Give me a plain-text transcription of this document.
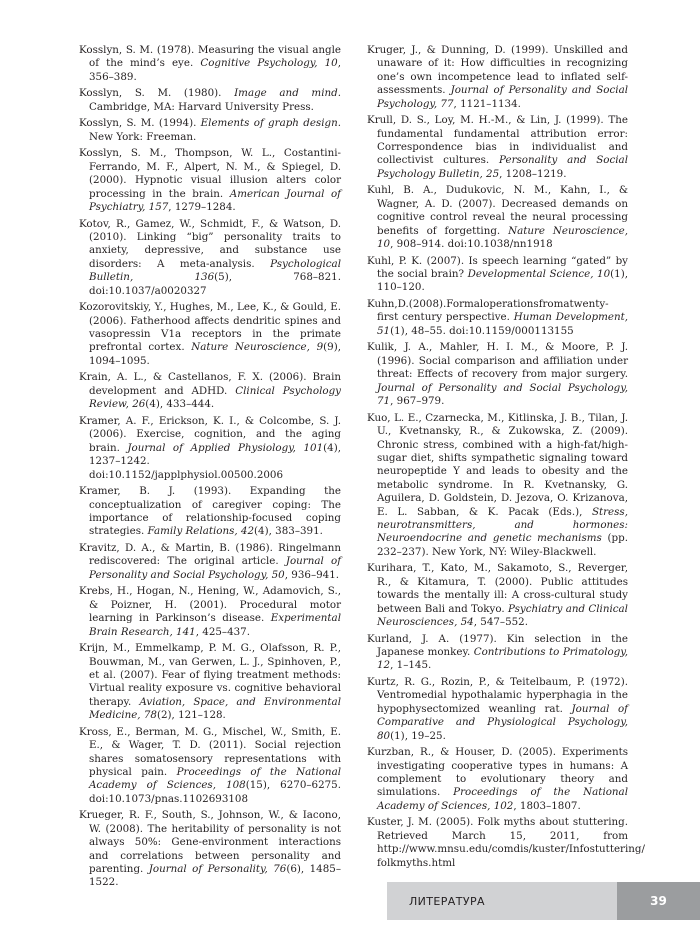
Kosslyn, S. M. (1978). Measuring the visual angle of the mind’s eye. Cognitive Psychology, 10, 356–389.

Kosslyn, S. M. (1980). Image and mind. Cambridge, MA: Harvard University Press.

Kosslyn, S. M. (1994). Elements of graph design. New York: Freeman.

Kosslyn, S. M., Thompson, W. L., Costantini-Ferrando, M. F., Alpert, N. M., & Spiegel, D. (2000). Hypnotic visual illusion alters color processing in the brain. American Journal of Psychiatry, 157, 1279–1284.

Kotov, R., Gamez, W., Schmidt, F., & Watson, D. (2010). Linking “big” personality traits to anxiety, depressive, and substance use disorders: A meta-analysis. Psychological Bulletin, 136(5), 768–821. doi:10.1037/a0020327

Kozorovitskiy, Y., Hughes, M., Lee, K., & Gould, E. (2006). Fatherhood affects dendritic spines and vasopressin V1a receptors in the primate prefrontal cortex. Nature Neuroscience, 9(9), 1094–1095.

Krain, A. L., & Castellanos, F. X. (2006). Brain development and ADHD. Clinical Psychology Review, 26(4), 433–444.

Kramer, A. F., Erickson, K. I., & Colcombe, S. J. (2006). Exercise, cognition, and the aging brain. Journal of Applied Physiology, 101(4), 1237–1242. doi:10.1152/japplphysiol.00500.2006

Kramer, B. J. (1993). Expanding the conceptualization of caregiver coping: The importance of relationship-focused coping strategies. Family Relations, 42(4), 383–391.

Kravitz, D. A., & Martin, B. (1986). Ringelmann rediscovered: The original article. Journal of Personality and Social Psychology, 50, 936–941.

Krebs, H., Hogan, N., Hening, W., Adamovich, S., & Poizner, H. (2001). Procedural motor learning in Parkinson’s disease. Experimental Brain Research, 141, 425–437.

Krijn, M., Emmelkamp, P. M. G., Olafsson, R. P., Bouwman, M., van Gerwen, L. J., Spinhoven, P., et al. (2007). Fear of flying treatment methods: Virtual reality exposure vs. cognitive behavioral therapy. Aviation, Space, and Environmental Medicine, 78(2), 121–128.

Kross, E., Berman, M. G., Mischel, W., Smith, E. E., & Wager, T. D. (2011). Social rejection shares somatosensory representations with physical pain. Proceedings of the National Academy of Sciences, 108(15), 6270–6275. doi:10.1073/pnas.1102693108

Krueger, R. F., South, S., Johnson, W., & Iacono, W. (2008). The heritability of personality is not always 50%: Gene-environment interactions and correlations between personality and parenting. Journal of Personality, 76(6), 1485–1522.

Kruger, J., & Dunning, D. (1999). Unskilled and unaware of it: How difficulties in recognizing one’s own incompetence lead to inflated self-assessments. Journal of Personality and Social Psychology, 77, 1121–1134.

Krull, D. S., Loy, M. H.-M., & Lin, J. (1999). The fundamental fundamental attribution error: Correspondence bias in individualist and collectivist cultures. Personality and Social Psychology Bulletin, 25, 1208–1219.

Kuhl, B. A., Dudukovic, N. M., Kahn, I., & Wagner, A. D. (2007). Decreased demands on cognitive control reveal the neural processing benefits of forgetting. Nature Neuroscience, 10, 908–914. doi:10.1038/nn1918

Kuhl, P. K. (2007). Is speech learning “gated” by the social brain? Developmental Science, 10(1), 110–120.

Kuhn,D.(2008).Formaloperationsfromatwenty-first century perspective. Human Development, 51(1), 48–55. doi:10.1159/000113155

Kulik, J. A., Mahler, H. I. M., & Moore, P. J. (1996). Social comparison and affiliation under threat: Effects of recovery from major surgery. Journal of Personality and Social Psychology, 71, 967–979.

Kuo, L. E., Czarnecka, M., Kitlinska, J. B., Tilan, J. U., Kvetnansky, R., & Zukowska, Z. (2009). Chronic stress, combined with a high-fat/high- sugar diet, shifts sympathetic signaling toward neuropeptide Y and leads to obesity and the metabolic syndrome. In R. Kvetnansky, G. Aguilera, D. Goldstein, D. Jezova, O. Krizanova, E. L. Sabban, & K. Pacak (Eds.), Stress, neurotransmitters, and hormones: Neuroendocrine and genetic mechanisms (pp. 232–237). New York, NY: Wiley-Blackwell.

Kurihara, T., Kato, M., Sakamoto, S., Reverger, R., & Kitamura, T. (2000). Public attitudes towards the mentally ill: A cross-cultural study between Bali and Tokyo. Psychiatry and Clinical Neurosciences, 54, 547–552.

Kurland, J. A. (1977). Kin selection in the Japanese monkey. Contributions to Primatology, 12, 1–145.

Kurtz, R. G., Rozin, P., & Teitelbaum, P. (1972). Ventromedial hypothalamic hyperphagia in the hypophysectomized weanling rat. Journal of Comparative and Physiological Psychology, 80(1), 19–25.

Kurzban, R., & Houser, D. (2005). Experiments investigating cooperative types in humans: A complement to evolutionary theory and simulations. Proceedings of the National Academy of Sciences, 102, 1803–1807.

Kuster, J. M. (2005). Folk myths about stuttering. Retrieved March 15, 2011, from http://www.mnsu.edu/comdis/kuster/Infostuttering/ folkmyths.html

ЛИТЕРАТУРА	39
